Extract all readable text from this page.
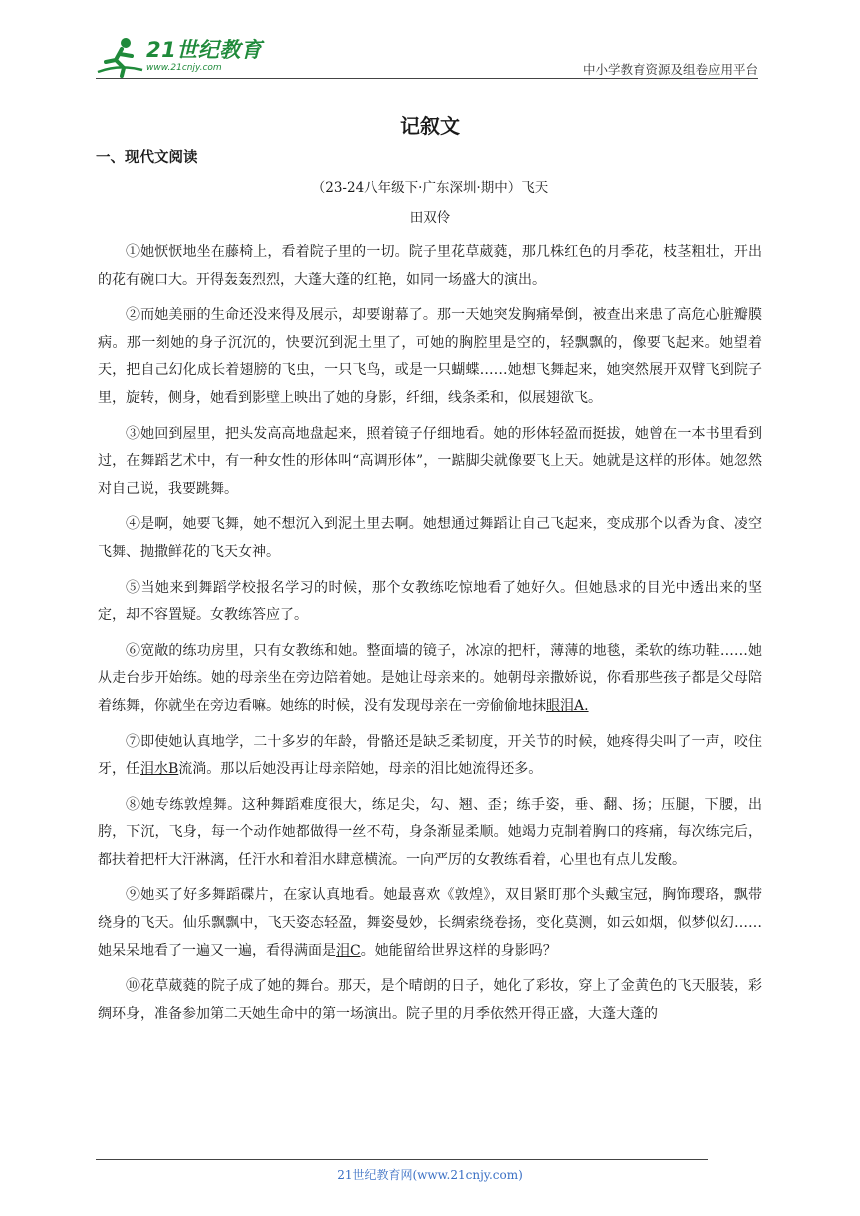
21世纪教育
www.21cnjy.com	中小学教育资源及组卷应用平台
记叙文
一、现代文阅读
（23-24八年级下·广东深圳·期中）飞天
田双伶

①她恹恹地坐在藤椅上，看着院子里的一切。院子里花草葳蕤，那几株红色的月季花，枝茎粗壮，开出的花有碗口大。开得轰轰烈烈，大蓬大蓬的红艳，如同一场盛大的演出。

②而她美丽的生命还没来得及展示，却要谢幕了。那一天她突发胸痛晕倒，被查出来患了高危心脏瓣膜病。那一刻她的身子沉沉的，快要沉到泥土里了，可她的胸腔里是空的，轻飘飘的，像要飞起来。她望着天，把自己幻化成长着翅膀的飞虫，一只飞鸟，或是一只蝴蝶……她想飞舞起来，她突然展开双臂飞到院子里，旋转，侧身，她看到影壁上映出了她的身影，纤细，线条柔和，似展翅欲飞。

③她回到屋里，把头发高高地盘起来，照着镜子仔细地看。她的形体轻盈而挺拔，她曾在一本书里看到过，在舞蹈艺术中，有一种女性的形体叫“高调形体”，一踮脚尖就像要飞上天。她就是这样的形体。她忽然对自己说，我要跳舞。

④是啊，她要飞舞，她不想沉入到泥土里去啊。她想通过舞蹈让自己飞起来，变成那个以香为食、凌空飞舞、抛撒鲜花的飞天女神。

⑤当她来到舞蹈学校报名学习的时候，那个女教练吃惊地看了她好久。但她恳求的目光中透出来的坚定，却不容置疑。女教练答应了。

⑥宽敞的练功房里，只有女教练和她。整面墙的镜子，冰凉的把杆，薄薄的地毯，柔软的练功鞋……她从走台步开始练。她的母亲坐在旁边陪着她。是她让母亲来的。她朝母亲撒娇说，你看那些孩子都是父母陪着练舞，你就坐在旁边看嘛。她练的时候，没有发现母亲在一旁偷偷地抹眼泪A.

⑦即使她认真地学，二十多岁的年龄，骨骼还是缺乏柔韧度，开关节的时候，她疼得尖叫了一声，咬住牙，任泪水B流淌。那以后她没再让母亲陪她，母亲的泪比她流得还多。

⑧她专练敦煌舞。这种舞蹈难度很大，练足尖，勾、翘、歪；练手姿，垂、翻、扬；压腿，下腰，出胯，下沉，飞身，每一个动作她都做得一丝不苟，身条渐显柔顺。她竭力克制着胸口的疼痛，每次练完后，都扶着把杆大汗淋漓，任汗水和着泪水肆意横流。一向严厉的女教练看着，心里也有点儿发酸。

⑨她买了好多舞蹈碟片，在家认真地看。她最喜欢《敦煌》，双目紧盯那个头戴宝冠，胸饰璎珞，飘带绕身的飞天。仙乐飘飘中，飞天姿态轻盈，舞姿曼妙，长绸索绕卷扬，变化莫测，如云如烟，似梦似幻……她呆呆地看了一遍又一遍，看得满面是泪C。她能留给世界这样的身影吗？

⑩花草葳蕤的院子成了她的舞台。那天，是个晴朗的日子，她化了彩妆，穿上了金黄色的飞天服装，彩绸环身，准备参加第二天她生命中的第一场演出。院子里的月季依然开得正盛，大蓬大蓬的

21世纪教育网(www.21cnjy.com)
